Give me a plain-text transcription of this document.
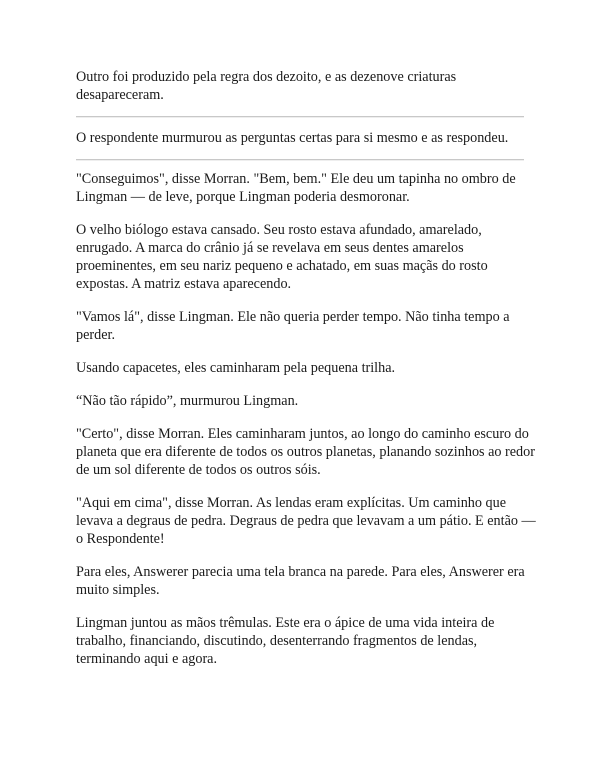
Outro foi produzido pela regra dos dezoito, e as dezenove criaturas desapareceram.

O respondente murmurou as perguntas certas para si mesmo e as respondeu.

"Conseguimos", disse Morran. "Bem, bem." Ele deu um tapinha no ombro de Lingman — de leve, porque Lingman poderia desmoronar.

O velho biólogo estava cansado. Seu rosto estava afundado, amarelado, enrugado. A marca do crânio já se revelava em seus dentes amarelos proeminentes, em seu nariz pequeno e achatado, em suas maçãs do rosto expostas. A matriz estava aparecendo.

"Vamos lá", disse Lingman. Ele não queria perder tempo. Não tinha tempo a perder.

Usando capacetes, eles caminharam pela pequena trilha.

“Não tão rápido”, murmurou Lingman.

"Certo", disse Morran. Eles caminharam juntos, ao longo do caminho escuro do planeta que era diferente de todos os outros planetas, planando sozinhos ao redor de um sol diferente de todos os outros sóis.

"Aqui em cima", disse Morran. As lendas eram explícitas. Um caminho que levava a degraus de pedra. Degraus de pedra que levavam a um pátio. E então — o Respondente!

Para eles, Answerer parecia uma tela branca na parede. Para eles, Answerer era muito simples.

Lingman juntou as mãos trêmulas. Este era o ápice de uma vida inteira de trabalho, financiando, discutindo, desenterrando fragmentos de lendas, terminando aqui e agora.
